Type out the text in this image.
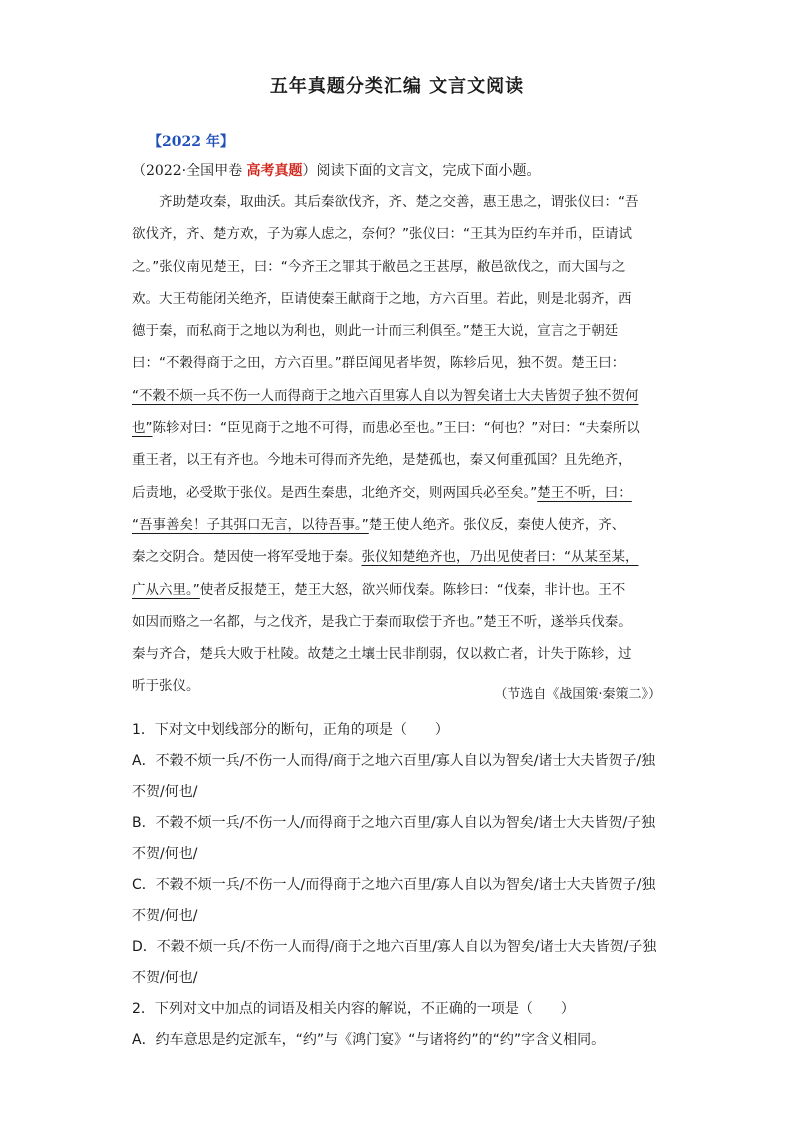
五年真题分类汇编 文言文阅读
【2022 年】
（2022·全国甲卷 高考真题）阅读下面的文言文，完成下面小题。
齐助楚攻秦，取曲沃。其后秦欲伐齐，齐、楚之交善，惠王患之，谓张仪曰：“吾
欲伐齐，齐、楚方欢，子为寡人虑之，奈何？”张仪曰：“王其为臣约车并币，臣请试
之。”张仪南见楚王，曰：“今齐王之罪其于敝邑之王甚厚，敝邑欲伐之，而大国与之
欢。大王苟能闭关绝齐，臣请使秦王献商于之地，方六百里。若此，则是北弱齐，西
德于秦，而私商于之地以为利也，则此一计而三利俱至。”楚王大说，宣言之于朝廷
曰：“不穀得商于之田，方六百里。”群臣闻见者毕贺，陈轸后见，独不贺。楚王曰：
“不穀不烦一兵不伤一人而得商于之地六百里寡人自以为智矣诸士大夫皆贺子独不贺何
也”陈轸对曰：“臣见商于之地不可得，而患必至也。”王曰：“何也？”对曰：“夫秦所以
重王者，以王有齐也。今地未可得而齐先绝，是楚孤也，秦又何重孤国？且先绝齐，
后责地，必受欺于张仪。是西生秦患，北绝齐交，则两国兵必至矣。”楚王不听，曰：
“吾事善矣！子其弭口无言，以待吾事。”楚王使人绝齐。张仪反，秦使人使齐，齐、
秦之交阴合。楚因使一将军受地于秦。张仪知楚绝齐也，乃出见使者曰：“从某至某，
广从六里。”使者反报楚王，楚王大怒，欲兴师伐秦。陈轸曰：“伐秦，非计也。王不
如因而赂之一名都，与之伐齐，是我亡于秦而取偿于齐也。”楚王不听，遂举兵伐秦。
秦与齐合，楚兵大败于杜陵。故楚之土壤士民非削弱，仅以救亡者，计失于陈轸，过
听于张仪。
（节选自《战国策·秦策二》）
1．下对文中划线部分的断句，正角的项是（　　）
A．不穀不烦一兵/不伤一人而得/商于之地六百里/寡人自以为智矣/诸士大夫皆贺子/独
不贺/何也/
B．不穀不烦一兵/不伤一人/而得商于之地六百里/寡人自以为智矣/诸士大夫皆贺/子独
不贺/何也/
C．不穀不烦一兵/不伤一人/而得商于之地六百里/寡人自以为智矣/诸士大夫皆贺子/独
不贺/何也/
D．不穀不烦一兵/不伤一人而得/商于之地六百里/寡人自以为智矣/诸士大夫皆贺/子独
不贺/何也/
2．下列对文中加点的词语及相关内容的解说，不正确的一项是（　　）
A．约车意思是约定派车，“约”与《鸿门宴》“与诸将约”的“约”字含义相同。
